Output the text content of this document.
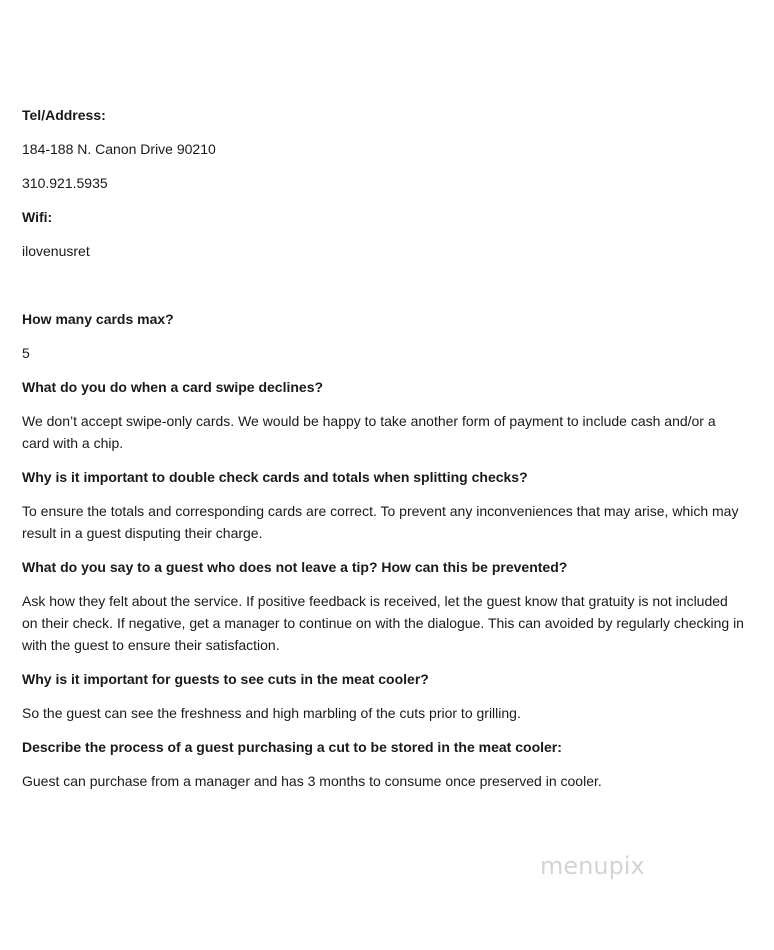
Tel/Address:
184-188 N. Canon Drive 90210
310.921.5935
Wifi:
ilovenusret
How many cards max?
5
What do you do when a card swipe declines?
We don’t accept swipe-only cards. We would be happy to take another form of payment to include cash and/or a card with a chip.
Why is it important to double check cards and totals when splitting checks?
To ensure the totals and corresponding cards are correct. To prevent any inconveniences that may arise, which may result in a guest disputing their charge.
What do you say to a guest who does not leave a tip? How can this be prevented?
Ask how they felt about the service. If positive feedback is received, let the guest know that gratuity is not included on their check. If negative, get a manager to continue on with the dialogue. This can avoided by regularly checking in with the guest to ensure their satisfaction.
Why is it important for guests to see cuts in the meat cooler?
So the guest can see the freshness and high marbling of the cuts prior to grilling.
Describe the process of a guest purchasing a cut to be stored in the meat cooler:
Guest can purchase from a manager and has 3 months to consume once preserved in cooler.
menupix
